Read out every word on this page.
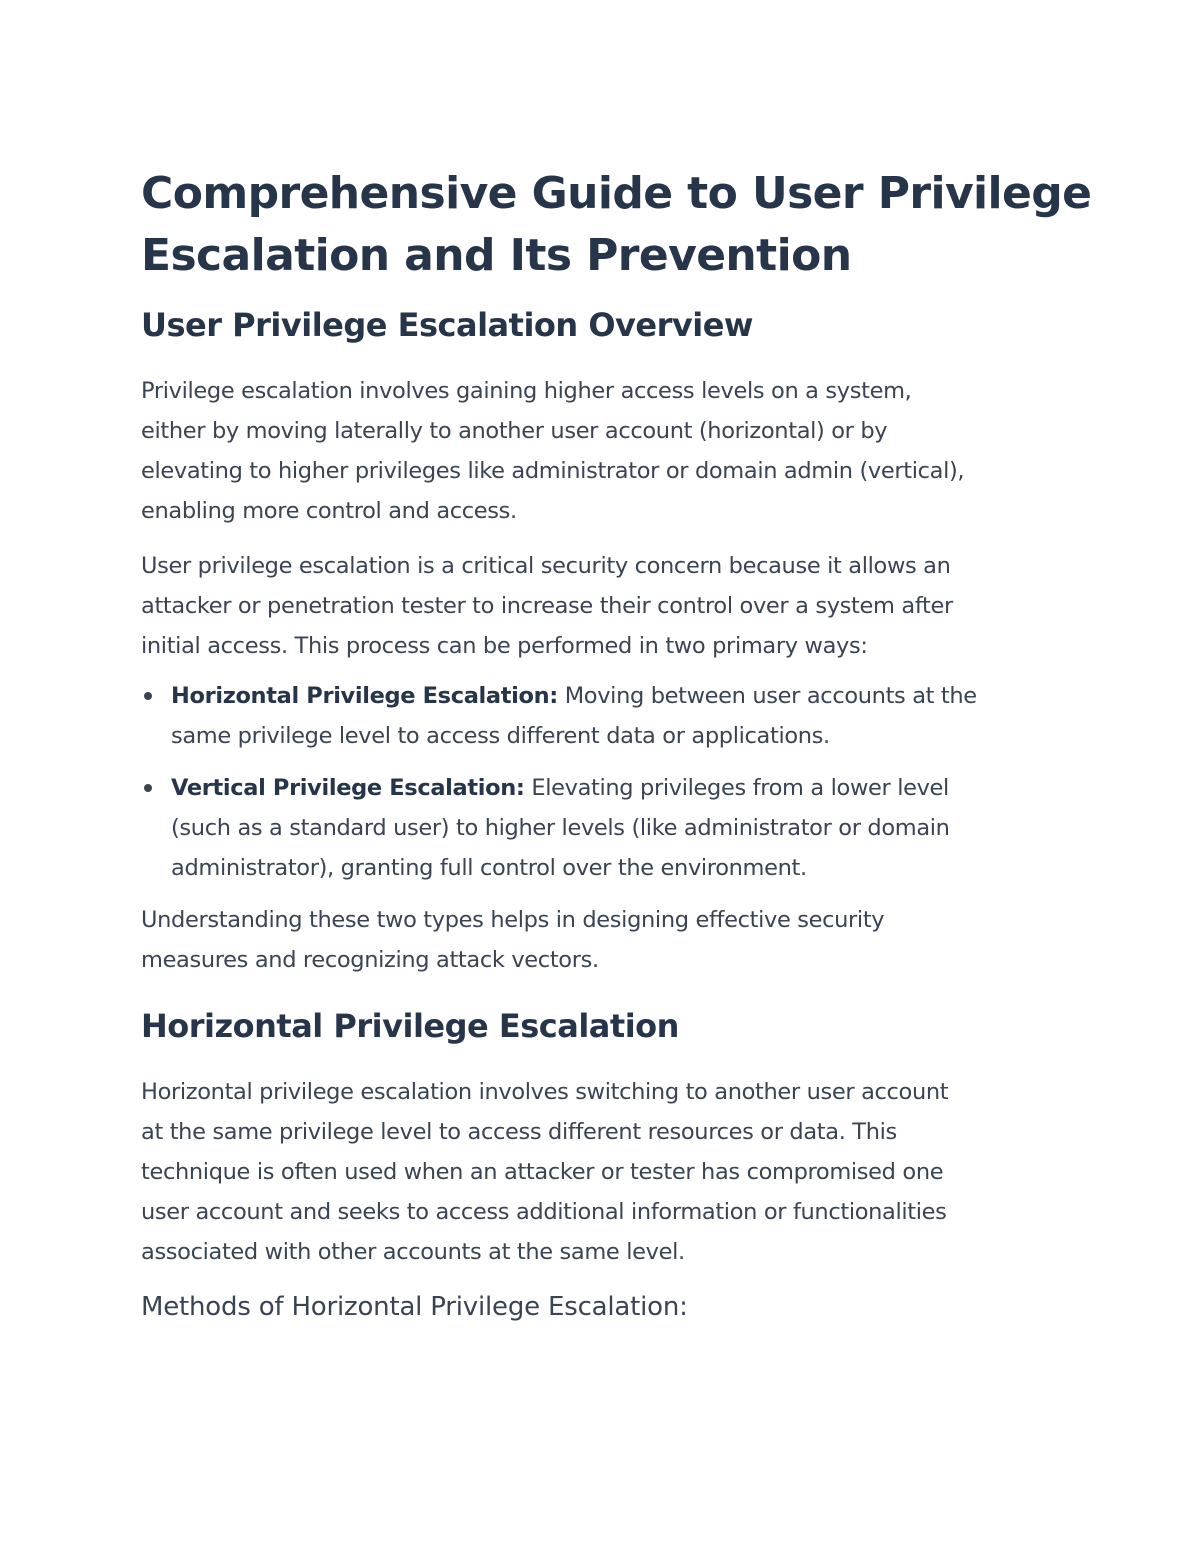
Comprehensive Guide to User Privilege
Escalation and Its Prevention
User Privilege Escalation Overview

Privilege escalation involves gaining higher access levels on a system,
either by moving laterally to another user account (horizontal) or by
elevating to higher privileges like administrator or domain admin (vertical),
enabling more control and access.

User privilege escalation is a critical security concern because it allows an
attacker or penetration tester to increase their control over a system after
initial access. This process can be performed in two primary ways:

Horizontal Privilege Escalation: Moving between user accounts at the
same privilege level to access different data or applications.
Vertical Privilege Escalation: Elevating privileges from a lower level
(such as a standard user) to higher levels (like administrator or domain
administrator), granting full control over the environment.

Understanding these two types helps in designing effective security
measures and recognizing attack vectors.

Horizontal Privilege Escalation

Horizontal privilege escalation involves switching to another user account
at the same privilege level to access different resources or data. This
technique is often used when an attacker or tester has compromised one
user account and seeks to access additional information or functionalities
associated with other accounts at the same level.

Methods of Horizontal Privilege Escalation:
